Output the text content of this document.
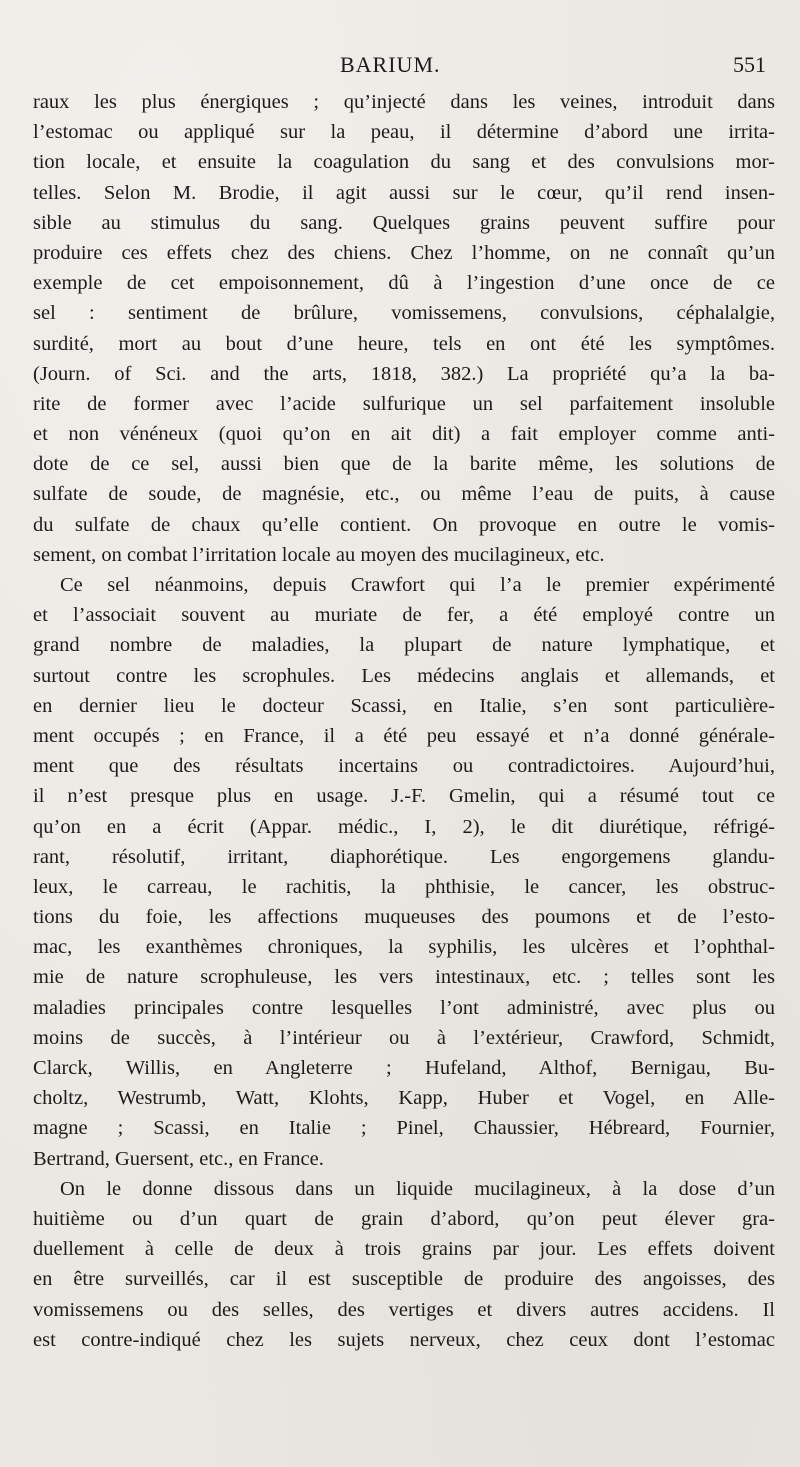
BARIUM.	551
raux les plus énergiques ; qu’injecté dans les veines, introduit dans
l’estomac ou appliqué sur la peau, il détermine d’abord une irrita-
tion locale, et ensuite la coagulation du sang et des convulsions mor-
telles. Selon M. Brodie, il agit aussi sur le cœur, qu’il rend insen-
sible au stimulus du sang. Quelques grains peuvent suffire pour
produire ces effets chez des chiens. Chez l’homme, on ne connaît qu’un
exemple de cet empoisonnement, dû à l’ingestion d’une once de ce
sel : sentiment de brûlure, vomissemens, convulsions, céphalalgie,
surdité, mort au bout d’une heure, tels en ont été les symptômes.
(Journ. of Sci. and the arts, 1818, 382.) La propriété qu’a la ba-
rite de former avec l’acide sulfurique un sel parfaitement insoluble
et non vénéneux (quoi qu’on en ait dit) a fait employer comme anti-
dote de ce sel, aussi bien que de la barite même, les solutions de
sulfate de soude, de magnésie, etc., ou même l’eau de puits, à cause
du sulfate de chaux qu’elle contient. On provoque en outre le vomis-
sement, on combat l’irritation locale au moyen des mucilagineux, etc.
Ce sel néanmoins, depuis Crawfort qui l’a le premier expérimenté
et l’associait souvent au muriate de fer, a été employé contre un
grand nombre de maladies, la plupart de nature lymphatique, et
surtout contre les scrophules. Les médecins anglais et allemands, et
en dernier lieu le docteur Scassi, en Italie, s’en sont particulière-
ment occupés ; en France, il a été peu essayé et n’a donné générale-
ment que des résultats incertains ou contradictoires. Aujourd’hui,
il n’est presque plus en usage. J.-F. Gmelin, qui a résumé tout ce
qu’on en a écrit (Appar. médic., I, 2), le dit diurétique, réfrigé-
rant, résolutif, irritant, diaphorétique. Les engorgemens glandu-
leux, le carreau, le rachitis, la phthisie, le cancer, les obstruc-
tions du foie, les affections muqueuses des poumons et de l’esto-
mac, les exanthèmes chroniques, la syphilis, les ulcères et l’ophthal-
mie de nature scrophuleuse, les vers intestinaux, etc. ; telles sont les
maladies principales contre lesquelles l’ont administré, avec plus ou
moins de succès, à l’intérieur ou à l’extérieur, Crawford, Schmidt,
Clarck, Willis, en Angleterre ; Hufeland, Althof, Bernigau, Bu-
choltz, Westrumb, Watt, Klohts, Kapp, Huber et Vogel, en Alle-
magne ; Scassi, en Italie ; Pinel, Chaussier, Hébreard, Fournier,
Bertrand, Guersent, etc., en France.
On le donne dissous dans un liquide mucilagineux, à la dose d’un
huitième ou d’un quart de grain d’abord, qu’on peut élever gra-
duellement à celle de deux à trois grains par jour. Les effets doivent
en être surveillés, car il est susceptible de produire des angoisses, des
vomissemens ou des selles, des vertiges et divers autres accidens. Il
est contre-indiqué chez les sujets nerveux, chez ceux dont l’estomac
